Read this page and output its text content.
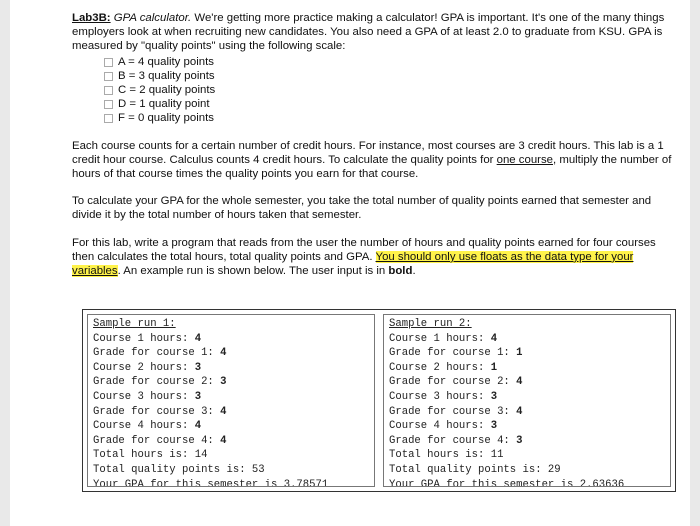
Lab3B: GPA calculator. We're getting more practice making a calculator! GPA is important. It's one of the many things employers look at when recruiting new candidates. You also need a GPA of at least 2.0 to graduate from KSU. GPA is measured by "quality points" using the following scale:

A = 4 quality points
B = 3 quality points
C = 2 quality points
D = 1 quality point
F = 0 quality points

Each course counts for a certain number of credit hours. For instance, most courses are 3 credit hours. This lab is a 1 credit hour course. Calculus counts 4 credit hours. To calculate the quality points for one course, multiply the number of hours of that course times the quality points you earn for that course.

To calculate your GPA for the whole semester, you take the total number of quality points earned that semester and divide it by the total number of hours taken that semester.

For this lab, write a program that reads from the user the number of hours and quality points earned for four courses then calculates the total hours, total quality points and GPA. You should only use floats as the data type for your variables. An example run is shown below. The user input is in bold.

Sample run 1:
Course 1 hours: 4
Grade for course 1: 4
Course 2 hours: 3
Grade for course 2: 3
Course 3 hours: 3
Grade for course 3: 4
Course 4 hours: 4
Grade for course 4: 4
Total hours is: 14
Total quality points is: 53
Your GPA for this semester is 3.78571
Sample run 2:
Course 1 hours: 4
Grade for course 1: 1
Course 2 hours: 1
Grade for course 2: 4
Course 3 hours: 3
Grade for course 3: 4
Course 4 hours: 3
Grade for course 4: 3
Total hours is: 11
Total quality points is: 29
Your GPA for this semester is 2.63636
